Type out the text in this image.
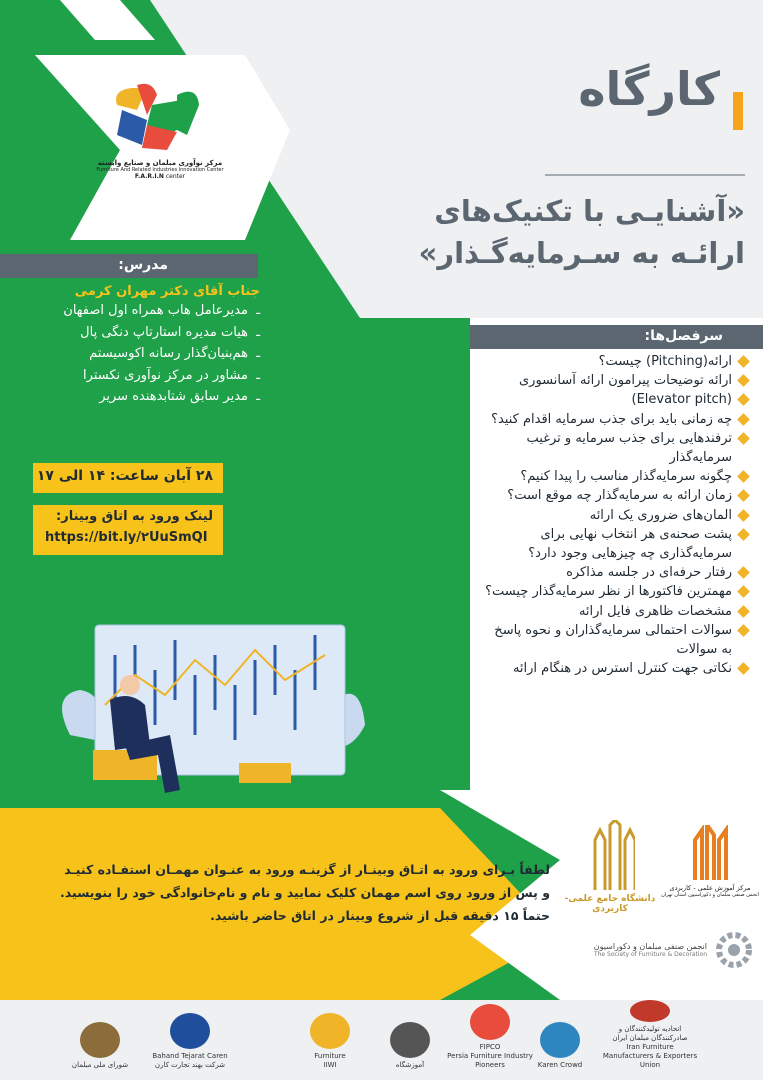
مرکز نوآوری مبلمان و صنایع وابسته
Furniture And Related Industries Innovation Center
F.A.R.I.N center
کارگاه
«آشنایـی با تکنیک‌های
ارائـه به سـرمایه‌گـذار»
مدرس:
جناب آقای دکتر مهران کرمی
ـ
مدیرعامل هاب همراه اول اصفهان
ـ
هیات مدیره استارتاپ دنگی پال
ـ
هم‌بنیان‌گذار رسانه اکوسیستم
ـ
مشاور در مرکز نوآوری نکسترا
ـ
مدیر سابق شتابدهنده سریر
۲۸ آبان ساعت: ۱۴ الی ۱۷
لینک ورود به اتاق وبینار:
https://bit.ly/۲UuSmQI
سرفصل‌ها:
ارائه(Pitching) چیست؟
ارائه توضیحات پیرامون ارائه آسانسوری
(Elevator pitch)
چه زمانی باید برای جذب سرمایه اقدام کنید؟
ترفندهایی برای جذب سرمایه و ترغیب
سرمایه‌گذار
چگونه سرمایه‌گذار مناسب را پیدا کنیم؟
زمان ارائه به سرمایه‌گذار چه موقع است؟
المان‌های ضروری یک ارائه
پشت صحنه‌ی هر انتخاب نهایی برای
سرمایه‌گذاری چه چیزهایی وجود دارد؟
رفتار حرفه‌ای در جلسه مذاکره
مهمترین فاکتورها از نظر سرمایه‌گذار چیست؟
مشخصات ظاهری فایل ارائه
سوالات احتمالی سرمایه‌گذاران و نحوه پاسخ
به سوالات
نکاتی جهت کنترل استرس در هنگام ارائه
لطفاً بـرای ورود به اتـاق وبینـار از گزینـه ورود به عنـوان مهمـان استفـاده کنیـد
و پس از ورود روی اسم مهمان کلیک نمایید و نام و نام‌خانوادگی خود را بنویسید.
حتماً ۱۵ دقیقه قبل از شروع وبینار در اتاق حاضر باشید.
دانشگاه جامع علمی-کاربردی
مرکز آموزش علمی - کاربردی
انجمن صنفی مبلمان و دکوراسیون استان تهران
انجمن صنفی مبلمان و دکوراسیون
The Society of Furniture & Decoration
اتحادیه تولیدکنندگان و صادرکنندگان مبلمان ایران
Iran Furniture Manufacturers & Exporters Union
Karen Crowd
FIPCO
Persia Furniture Industry Pioneers
آموزشگاه
Furniture
IIWI
Bahand Tejarat Caren
شرکت بهند تجارت کارن
شورای ملی مبلمان
